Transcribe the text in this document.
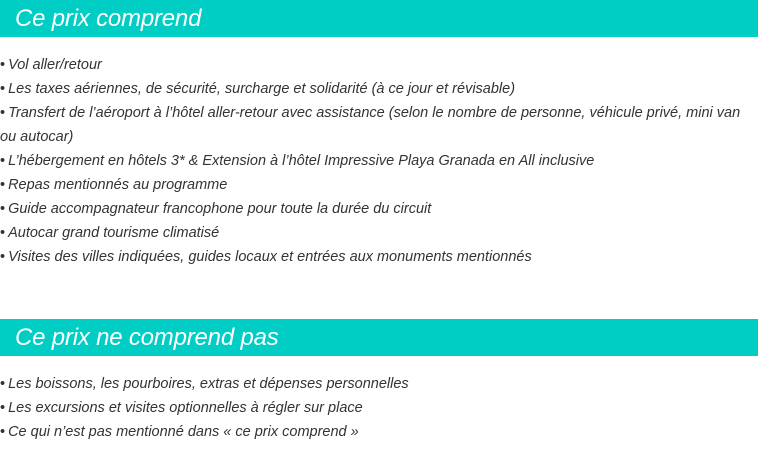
Ce prix comprend
• Vol aller/retour
• Les taxes aériennes, de sécurité, surcharge et solidarité (à ce jour et révisable)
• Transfert de l’aéroport à l’hôtel aller-retour avec assistance (selon le nombre de personne, véhicule privé, mini van ou autocar)
• L’hébergement en hôtels 3* & Extension à l’hôtel Impressive Playa Granada en All inclusive
• Repas mentionnés au programme
• Guide accompagnateur francophone pour toute la durée du circuit
• Autocar grand tourisme climatisé
• Visites des villes indiquées, guides locaux et entrées aux monuments mentionnés
Ce prix ne comprend pas
• Les boissons, les pourboires, extras et dépenses personnelles
• Les excursions et visites optionnelles à régler sur place
• Ce qui n’est pas mentionné dans « ce prix comprend »
